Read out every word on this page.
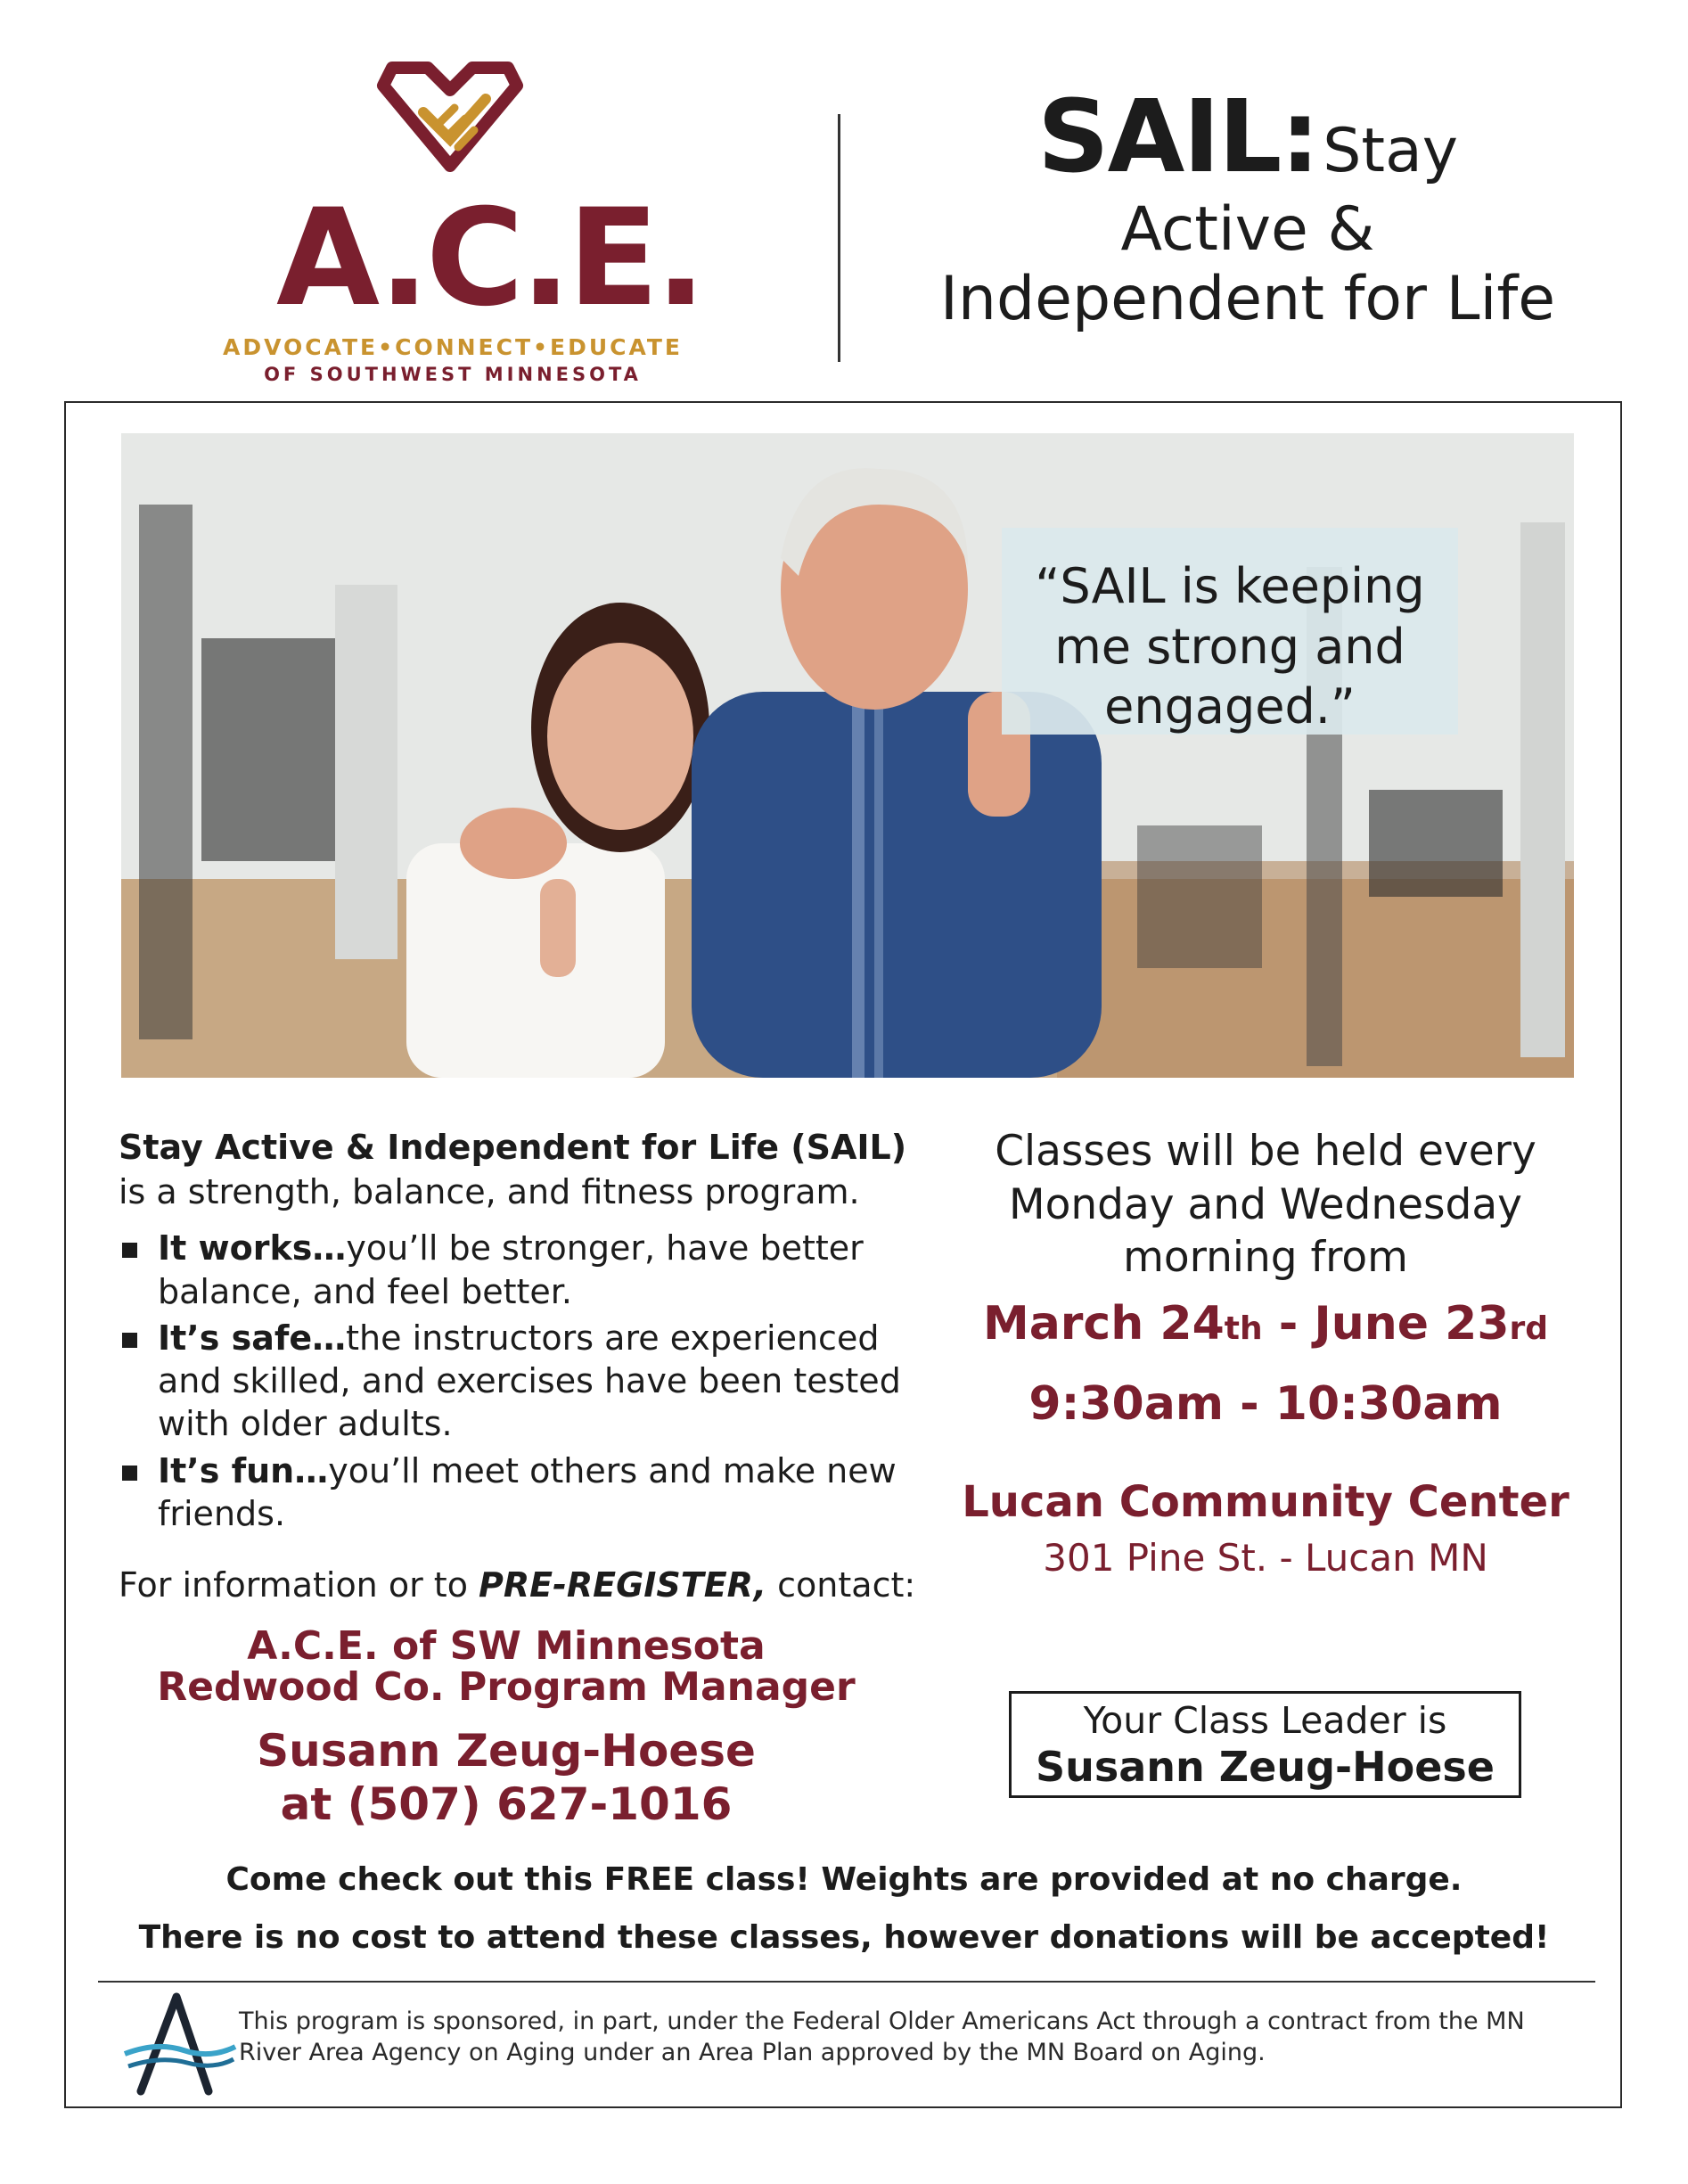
A.C.E.
ADVOCATE•CONNECT•EDUCATE
OF SOUTHWEST MINNESOTA
SAIL: Stay
Active &
Independent for Life
“SAIL is keeping
me strong and
engaged.”

Stay Active & Independent for Life (SAIL) is a strength, balance, and fitness program.

It works…you’ll be stronger, have better balance, and feel better.
It’s safe…the instructors are experienced and skilled, and exercises have been tested with older adults.
It’s fun…you’ll meet others and make new friends.
For information or to PRE-REGISTER, contact:
A.C.E. of SW Minnesota
Redwood Co. Program Manager
Susann Zeug-Hoese
at (507) 627-1016
Classes will be held every
Monday and Wednesday
morning from
March 24th - June 23rd
9:30am - 10:30am
Lucan Community Center
301 Pine St. - Lucan MN
Your Class Leader is
Susann Zeug-Hoese
Come check out this FREE class! Weights are provided at no charge.
There is no cost to attend these classes, however donations will be accepted!
This program is sponsored, in part, under the Federal Older Americans Act through a contract from the MN
River Area Agency on Aging under an Area Plan approved by the MN Board on Aging.
